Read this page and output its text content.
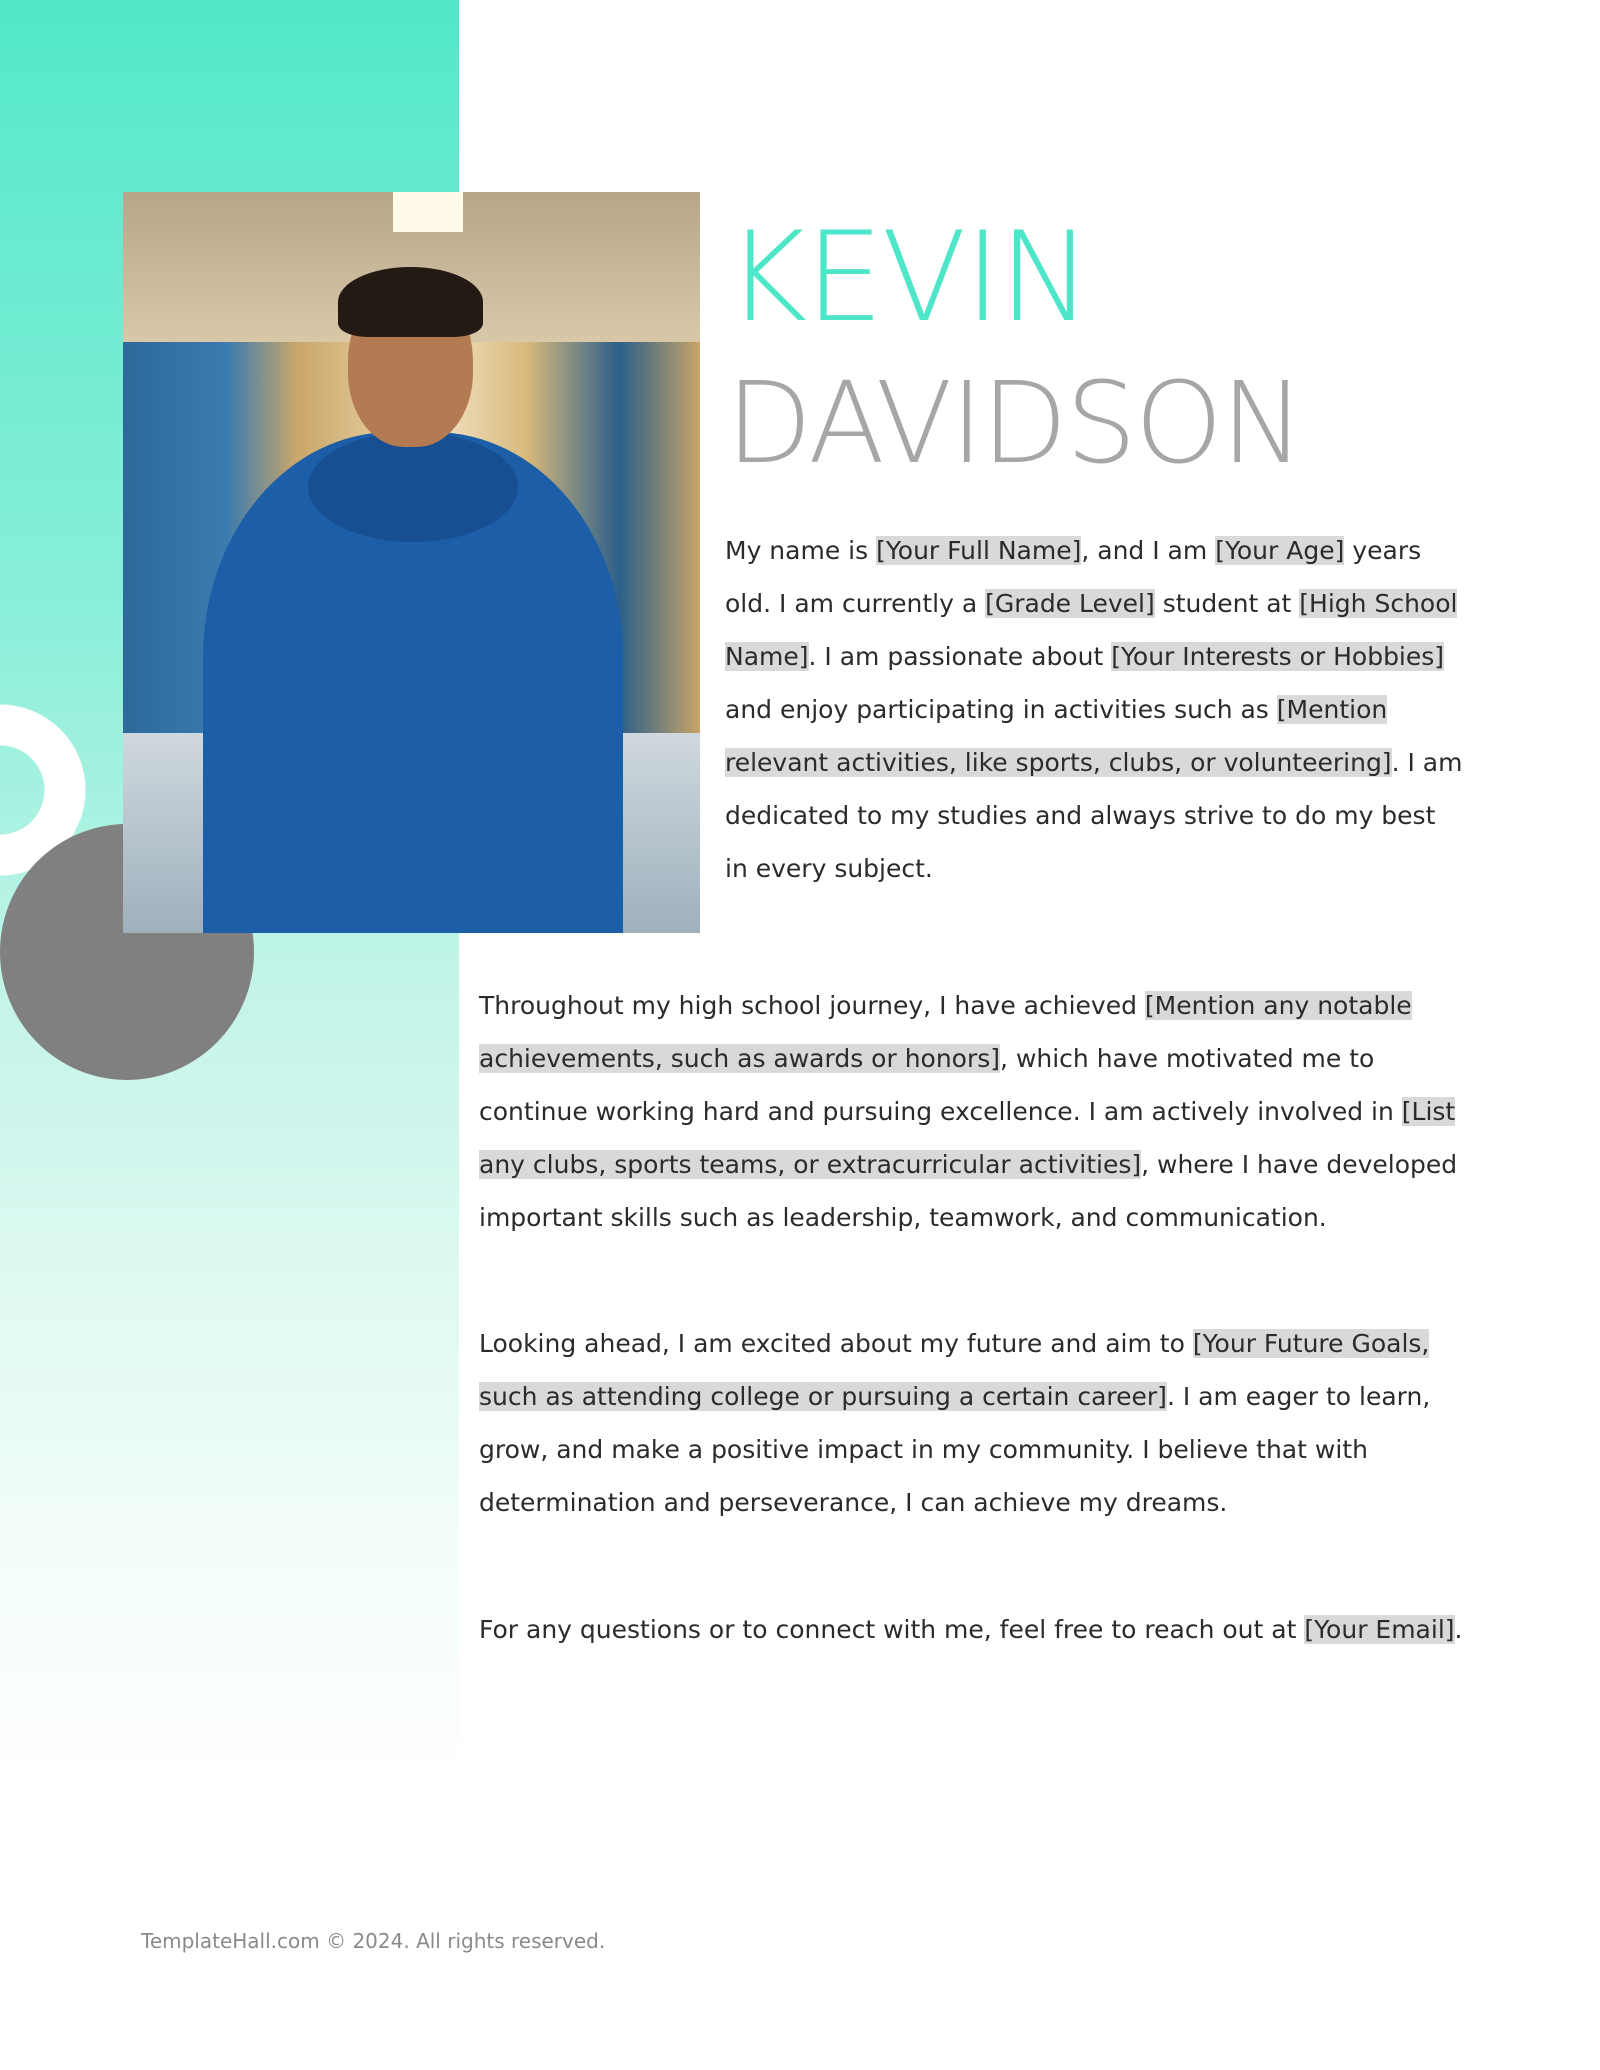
KEVIN
DAVIDSON

My name is [Your Full Name], and I am [Your Age] years old. I am currently a [Grade Level] student at [High School Name]. I am passionate about [Your Interests or Hobbies] and enjoy participating in activities such as [Mention relevant activities, like sports, clubs, or volunteering]. I am dedicated to my studies and always strive to do my best in every subject.

Throughout my high school journey, I have achieved [Mention any notable achievements, such as awards or honors], which have motivated me to continue working hard and pursuing excellence. I am actively involved in [List any clubs, sports teams, or extracurricular activities], where I have developed important skills such as leadership, teamwork, and communication.

Looking ahead, I am excited about my future and aim to [Your Future Goals, such as attending college or pursuing a certain career]. I am eager to learn, grow, and make a positive impact in my community. I believe that with determination and perseverance, I can achieve my dreams.

For any questions or to connect with me, feel free to reach out at [Your Email].

TemplateHall.com © 2024. All rights reserved.
